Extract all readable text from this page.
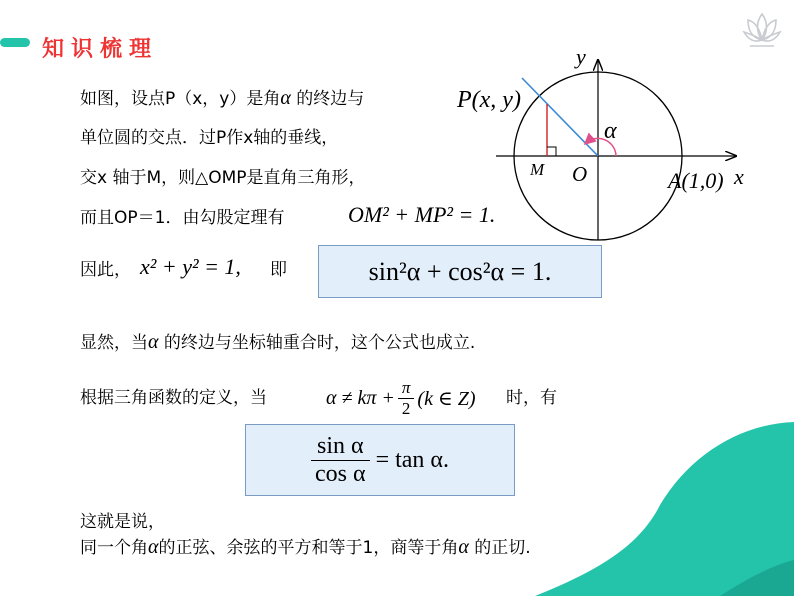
知识梳理
如图，设点P（x，y）是角α 的终边与
单位圆的交点．过P作x轴的垂线，
交x 轴于M，则△OMP是直角三角形，
而且OP＝1．由勾股定理有	OM² + MP² = 1.
因此， x² + y² = 1, 即	sin²α + cos²α = 1.
显然，当α 的终边与坐标轴重合时，这个公式也成立.
根据三角函数的定义，当	$\alpha \ne k\pi + \frac{\pi}{2} (k$ ∈ Z) 时，有
$\frac{\text{sin α}}{\text{cos α}} = \tan \alpha$.
这就是说，
同一个角α的正弦、余弦的平方和等于1，商等于角α 的正切.
y
x
O
M
P(x, y)
A(1,0)
α
